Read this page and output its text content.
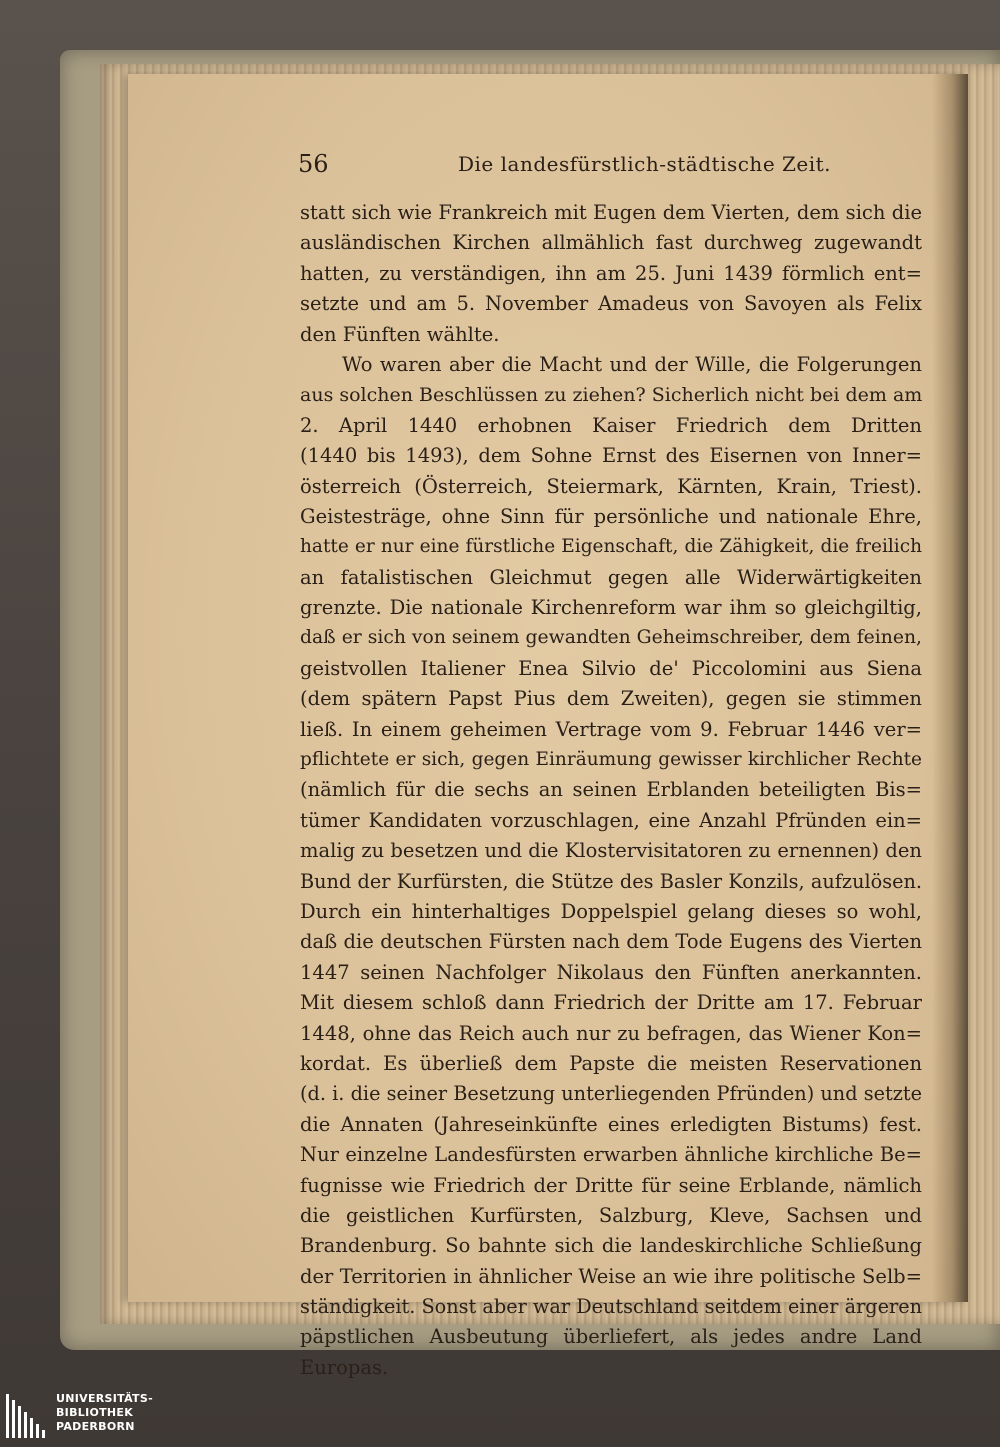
56	Die landesfürstlich-städtische Zeit.
statt sich wie Frankreich mit Eugen dem Vierten, dem sich die
ausländischen Kirchen allmählich fast durchweg zugewandt
hatten, zu verständigen, ihn am 25. Juni 1439 förmlich ent=
setzte und am 5. November Amadeus von Savoyen als Felix
den Fünften wählte.
Wo waren aber die Macht und der Wille, die Folgerungen
aus solchen Beschlüssen zu ziehen? Sicherlich nicht bei dem am
2. April 1440 erhobnen Kaiser Friedrich dem Dritten
(1440 bis 1493), dem Sohne Ernst des Eisernen von Inner=
österreich (Österreich, Steiermark, Kärnten, Krain, Triest).
Geistesträge, ohne Sinn für persönliche und nationale Ehre,
hatte er nur eine fürstliche Eigenschaft, die Zähigkeit, die freilich
an fatalistischen Gleichmut gegen alle Widerwärtigkeiten
grenzte. Die nationale Kirchenreform war ihm so gleichgiltig,
daß er sich von seinem gewandten Geheimschreiber, dem feinen,
geistvollen Italiener Enea Silvio de' Piccolomini aus Siena
(dem spätern Papst Pius dem Zweiten), gegen sie stimmen
ließ. In einem geheimen Vertrage vom 9. Februar 1446 ver=
pflichtete er sich, gegen Einräumung gewisser kirchlicher Rechte
(nämlich für die sechs an seinen Erblanden beteiligten Bis=
tümer Kandidaten vorzuschlagen, eine Anzahl Pfründen ein=
malig zu besetzen und die Klostervisitatoren zu ernennen) den
Bund der Kurfürsten, die Stütze des Basler Konzils, aufzulösen.
Durch ein hinterhaltiges Doppelspiel gelang dieses so wohl,
daß die deutschen Fürsten nach dem Tode Eugens des Vierten
1447 seinen Nachfolger Nikolaus den Fünften anerkannten.
Mit diesem schloß dann Friedrich der Dritte am 17. Februar
1448, ohne das Reich auch nur zu befragen, das Wiener Kon=
kordat. Es überließ dem Papste die meisten Reservationen
(d. i. die seiner Besetzung unterliegenden Pfründen) und setzte
die Annaten (Jahreseinkünfte eines erledigten Bistums) fest.
Nur einzelne Landesfürsten erwarben ähnliche kirchliche Be=
fugnisse wie Friedrich der Dritte für seine Erblande, nämlich
die geistlichen Kurfürsten, Salzburg, Kleve, Sachsen und
Brandenburg. So bahnte sich die landeskirchliche Schließung
der Territorien in ähnlicher Weise an wie ihre politische Selb=
ständigkeit. Sonst aber war Deutschland seitdem einer ärgeren
päpstlichen Ausbeutung überliefert, als jedes andre Land
Europas.
UNIVERSITÄTS-
BIBLIOTHEK
PADERBORN
